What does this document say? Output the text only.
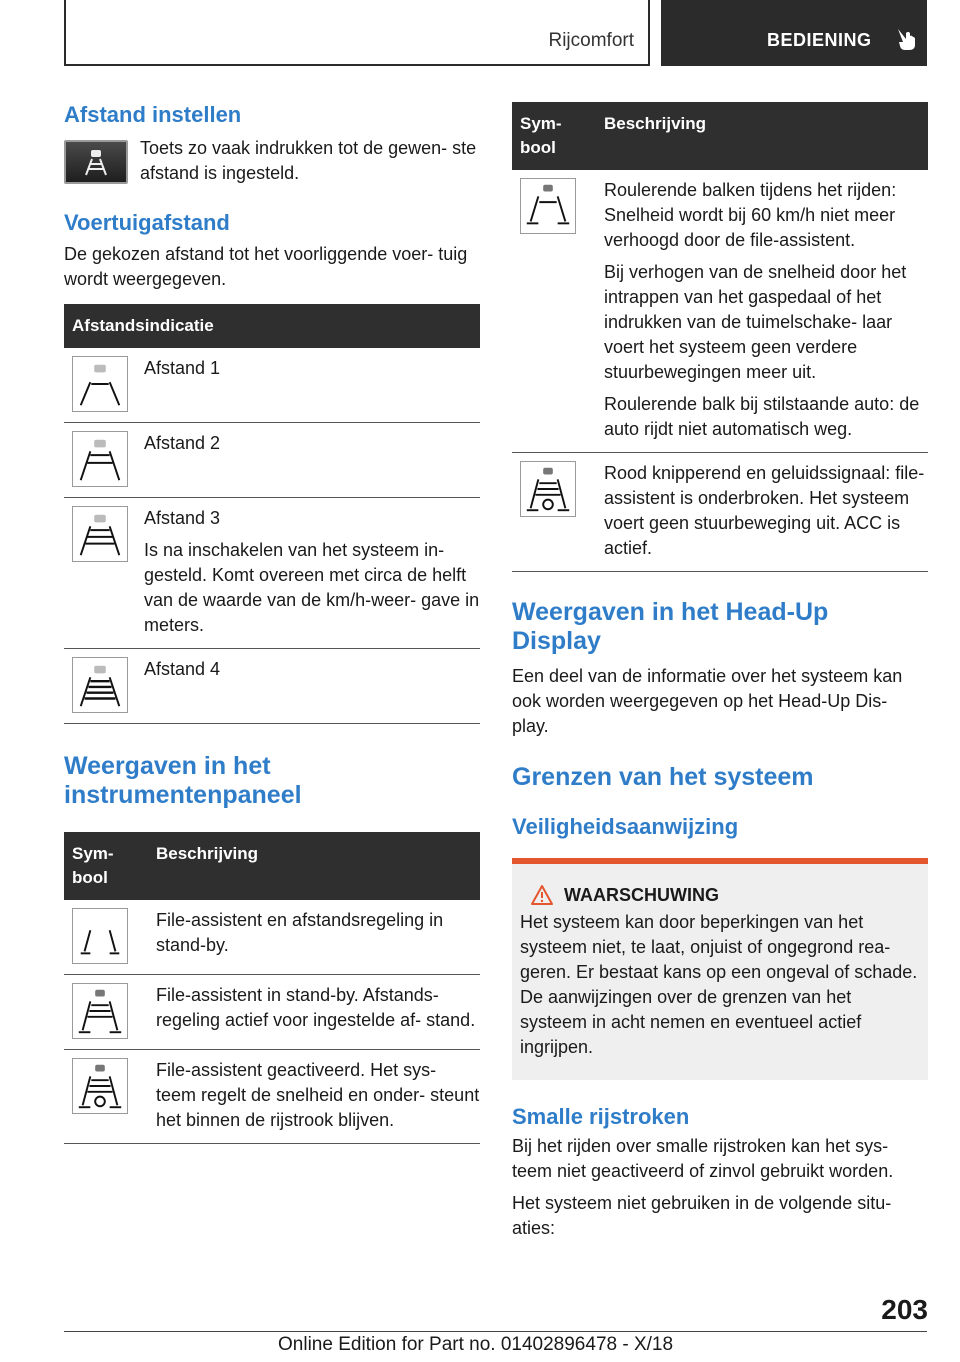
Rijcomfort	BEDIENING
Afstand instellen

Toets zo vaak indrukken tot de gewen- ste afstand is ingesteld.

Voertuigafstand

De gekozen afstand tot het voorliggende voer- tuig wordt weergegeven.

Afstandsindicatie	

Afstand 1

Afstand 2

Afstand 3

Is na inschakelen van het systeem in- gesteld. Komt overeen met circa de helft van de waarde van de km/h-weer- gave in meters.

Afstand 4

Weergaven in het instrumentenpaneel
Sym- bool	Beschrijving

File-assistent en afstandsregeling in stand-by.

File-assistent in stand-by. Afstands- regeling actief voor ingestelde af- stand.

File-assistent geactiveerd. Het sys- teem regelt de snelheid en onder- steunt het binnen de rijstrook blijven.

Sym- bool	Beschrijving

Roulerende balken tijdens het rijden: Snelheid wordt bij 60 km/h niet meer verhoogd door de file-assistent.

Bij verhogen van de snelheid door het intrappen van het gaspedaal of het indrukken van de tuimelschake- laar voert het systeem geen verdere stuurbewegingen meer uit.

Roulerende balk bij stilstaande auto: de auto rijdt niet automatisch weg.

Rood knipperend en geluidssignaal: file-assistent is onderbroken. Het systeem voert geen stuurbeweging uit. ACC is actief.

Weergaven in het Head-Up Display

Een deel van de informatie over het systeem kan ook worden weergegeven op het Head-Up Dis- play.

Grenzen van het systeem
Veiligheidsaanwijzing
WAARSCHUWING

Het systeem kan door beperkingen van het systeem niet, te laat, onjuist of ongegrond rea- geren. Er bestaat kans op een ongeval of schade. De aanwijzingen over de grenzen van het systeem in acht nemen en eventueel actief ingrijpen.

Smalle rijstroken

Bij het rijden over smalle rijstroken kan het sys- teem niet geactiveerd of zinvol gebruikt worden.

Het systeem niet gebruiken in de volgende situ- aties:

203
Online Edition for Part no. 01402896478 - X/18
